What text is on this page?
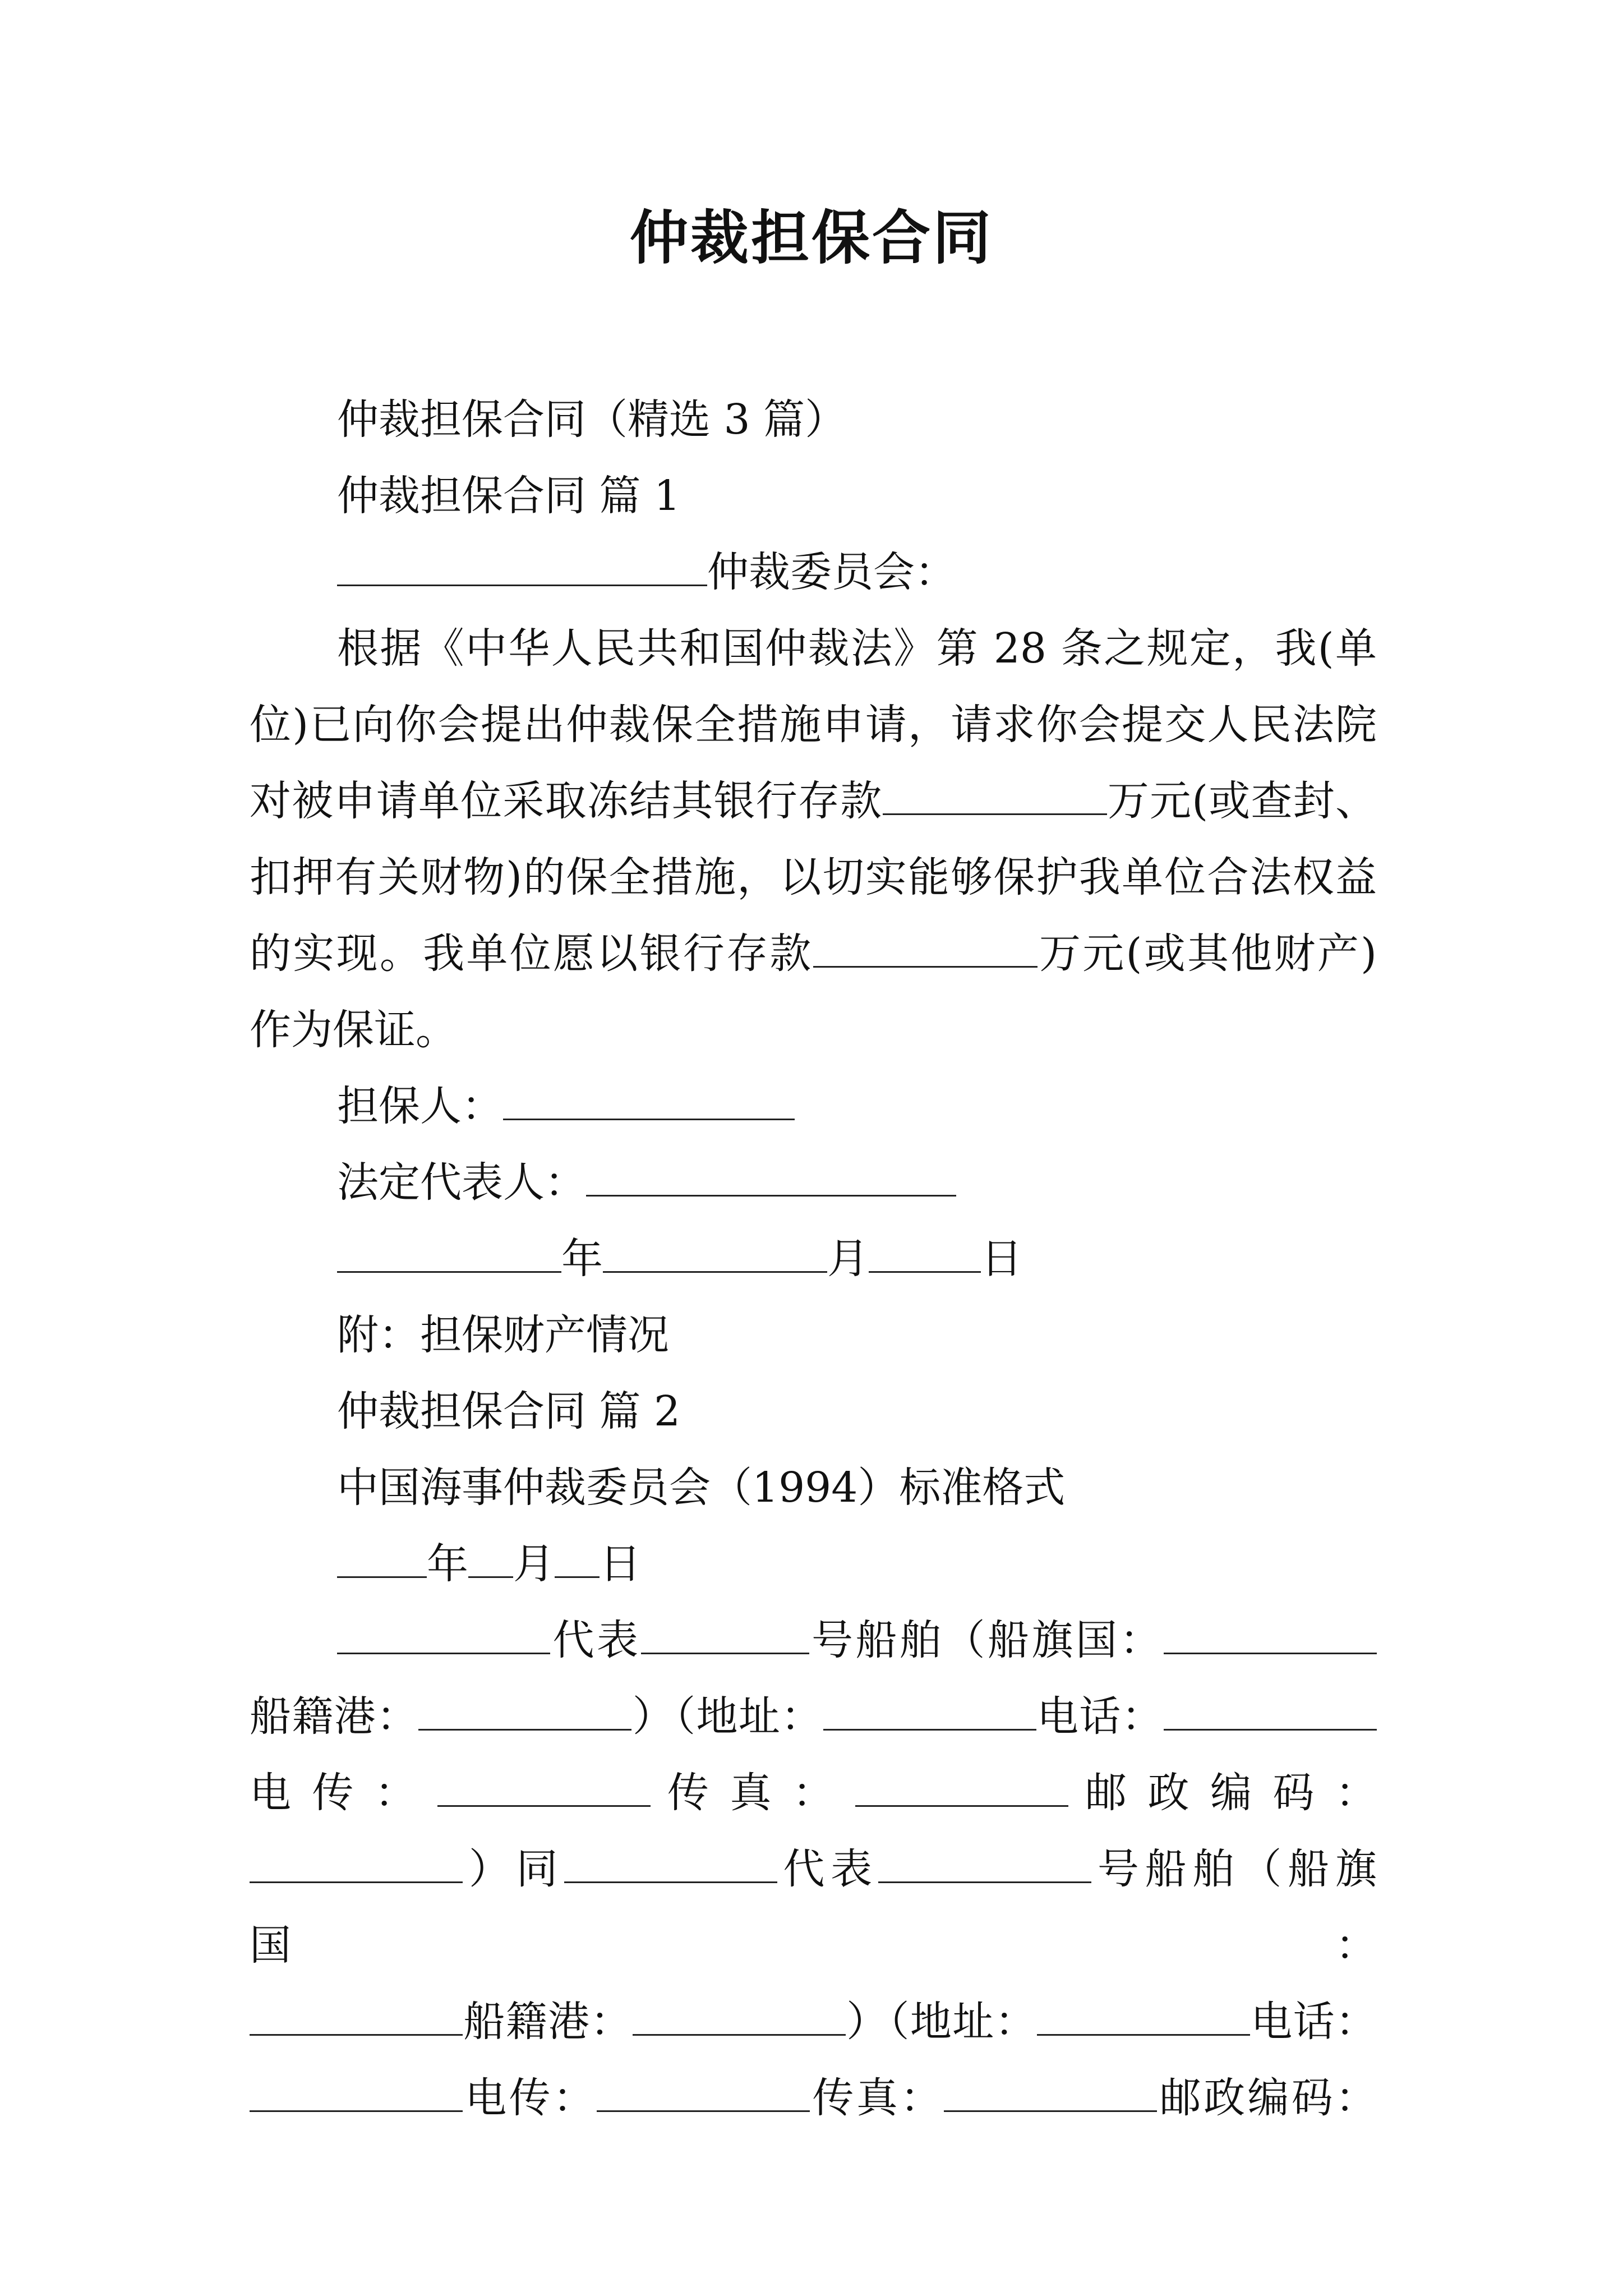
仲裁担保合同

仲裁担保合同（精选 3 篇）

仲裁担保合同 篇 1

仲裁委员会：

根据《中华人民共和国仲裁法》第 28 条之规定，我(单位)已向你会提出仲裁保全措施申请，请求你会提交人民法院对被申请单位采取冻结其银行存款	万元(或查封、扣押有关财物)的保全措施，以切实能够保护我单位合法权益的实现。我单位愿以银行存款	万元(或其他财产)作为保证。

担保人：

法定代表人：

年	月	日

附：担保财产情况

仲裁担保合同 篇 2

中国海事仲裁委员会（1994）标准格式

年 月 日

代表	号船舶（船旗国：

船籍港：	）（地址：	电话：

电 传 ：	传 真 ：	邮 政 编 码 ：

）同	代表	号船舶（船旗国：

船籍港：	）（地址：	电话：

电传：	传真：	邮政编码：
